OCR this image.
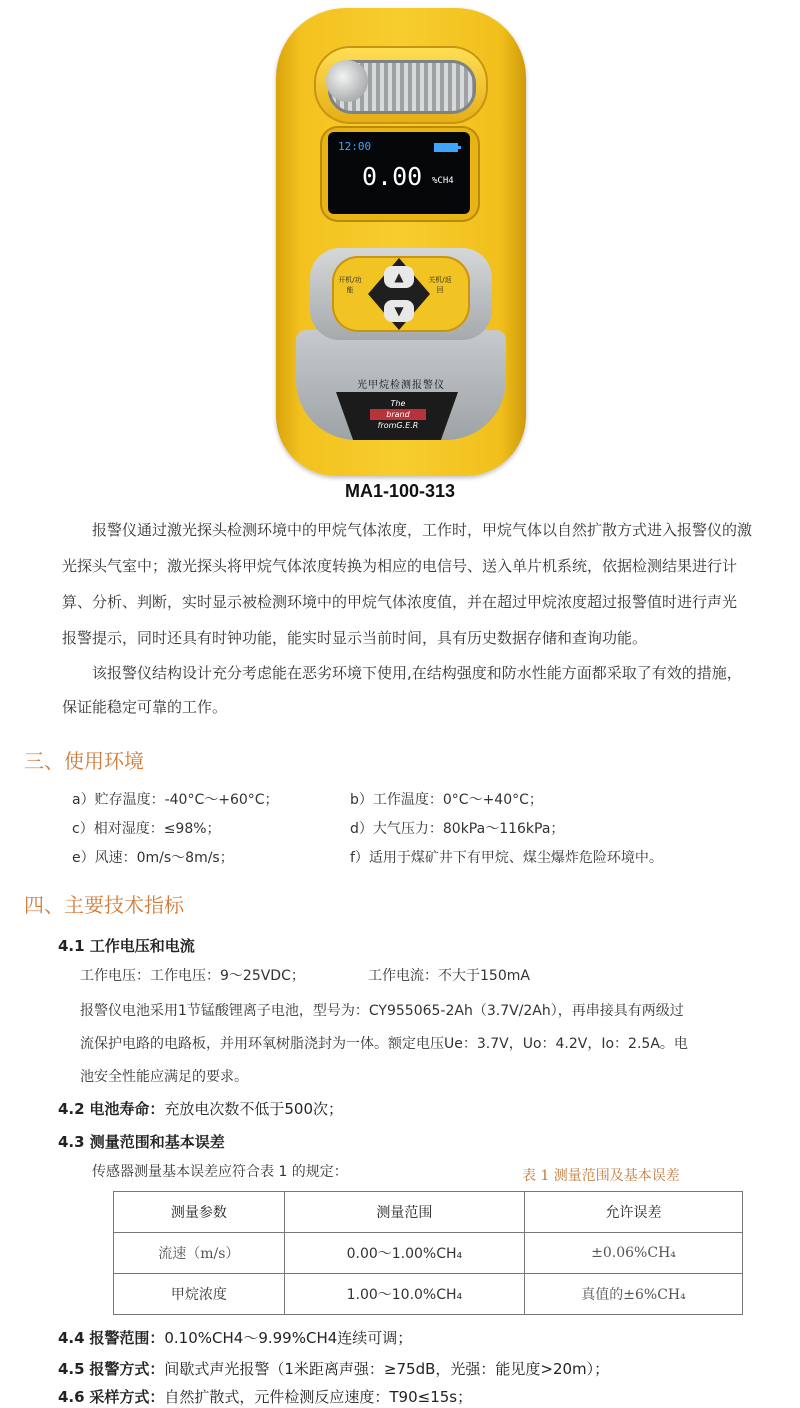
12:00
0.00 %CH4
开机/功能
关机/返回
▲
▼
光甲烷检测报警仪
The
brand
fromG.E.R
MA1-100-313
报警仪通过激光探头检测环境中的甲烷气体浓度，工作时，甲烷气体以自然扩散方式进入报警仪的激
光探头气室中；激光探头将甲烷气体浓度转换为相应的电信号、送入单片机系统，依据检测结果进行计
算、分析、判断，实时显示被检测环境中的甲烷气体浓度值，并在超过甲烷浓度超过报警值时进行声光
报警提示，同时还具有时钟功能，能实时显示当前时间，具有历史数据存储和查询功能。
该报警仪结构设计充分考虑能在恶劣环境下使用,在结构强度和防水性能方面都采取了有效的措施，
保证能稳定可靠的工作。
三、使用环境
a）贮存温度：-40°C～+60°C；	b）工作温度：0°C～+40°C；
c）相对湿度：≤98%；	d）大气压力：80kPa～116kPa；
e）风速：0m/s～8m/s；	f）适用于煤矿井下有甲烷、煤尘爆炸危险环境中。
四、主要技术指标
4.1 工作电压和电流
工作电压：工作电压：9～25VDC；	工作电流：不大于150mA
报警仪电池采用1节锰酸锂离子电池，型号为：CY955065-2Ah（3.7V/2Ah），再串接具有两级过
流保护电路的电路板，并用环氧树脂浇封为一体。额定电压Ue：3.7V，Uo：4.2V，Io：2.5A。电
池安全性能应满足的要求。
4.2 电池寿命：充放电次数不低于500次；
4.3 测量范围和基本误差
传感器测量基本误差应符合表 1 的规定：	表 1 测量范围及基本误差
测量参数	测量范围	允许误差
流速（m/s）	0.00～1.00%CH₄	±0.06%CH₄
甲烷浓度	1.00～10.0%CH₄	真值的±6%CH₄
4.4 报警范围：0.10%CH4～9.99%CH4连续可调；
4.5 报警方式：间歇式声光报警（1米距离声强：≥75dB，光强：能见度>20m）；
4.6 采样方式：自然扩散式，元件检测反应速度：T90≤15s；
